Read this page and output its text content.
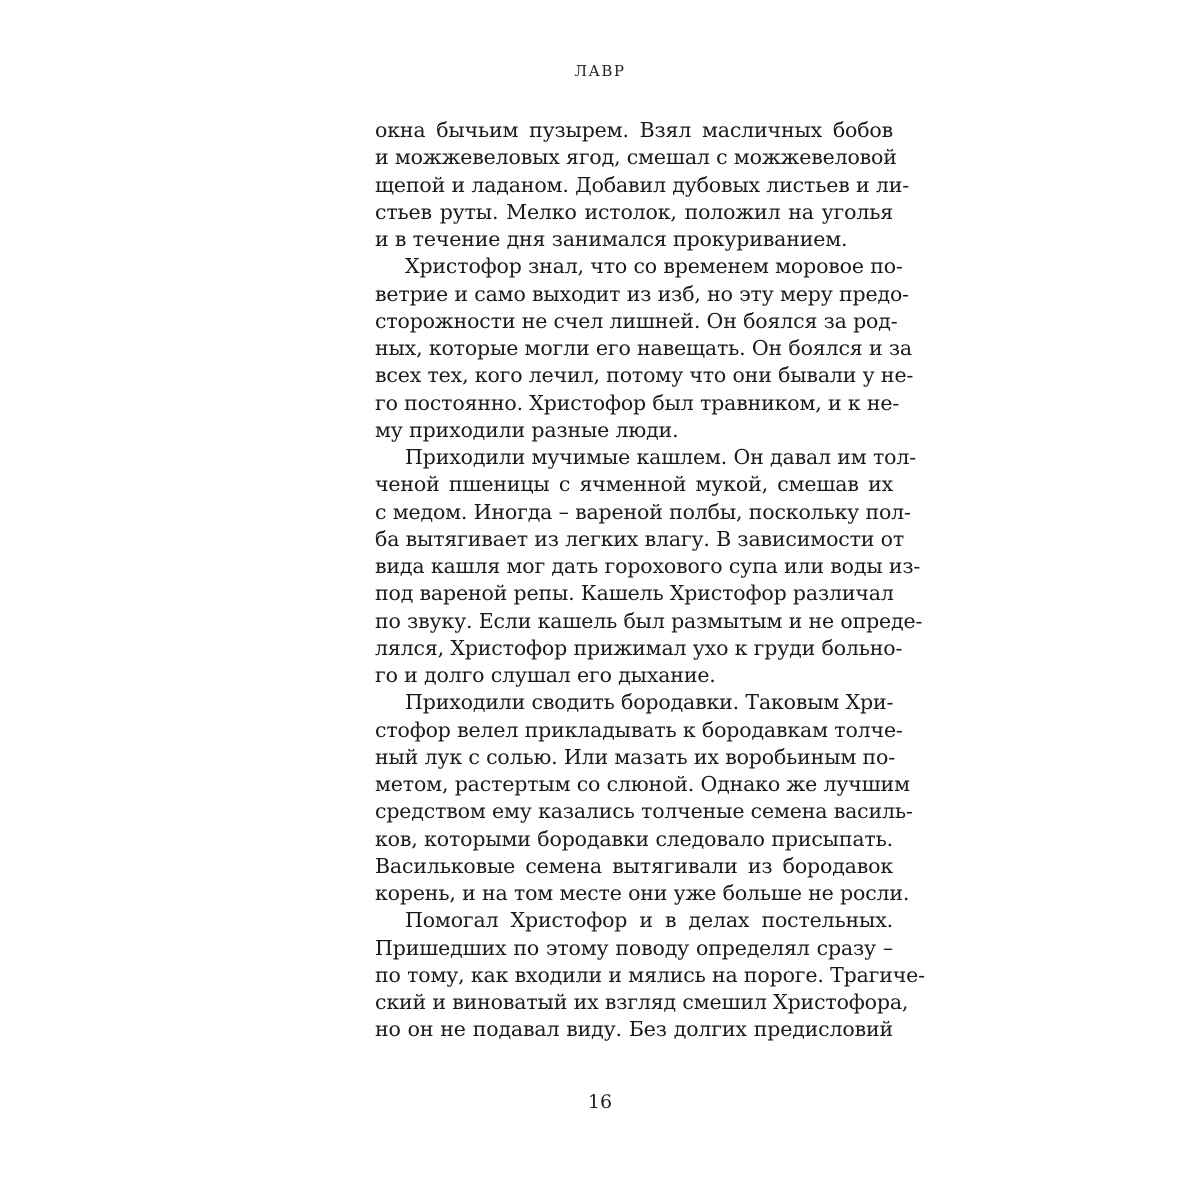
ЛАВР
окна бычьим пузырем. Взял масличных бобов
и можжевеловых ягод, смешал с можжевеловой
щепой и ладаном. Добавил дубовых листьев и ли-
стьев руты. Мелко истолок, положил на уголья
и в течение дня занимался прокуриванием.
Христофор знал, что со временем моровое по-
ветрие и само выходит из изб, но эту меру предо-
сторожности не счел лишней. Он боялся за род-
ных, которые могли его навещать. Он боялся и за
всех тех, кого лечил, потому что они бывали у не-
го постоянно. Христофор был травником, и к не-
му приходили разные люди.
Приходили мучимые кашлем. Он давал им тол-
ченой пшеницы с ячменной мукой, смешав их
с медом. Иногда – вареной полбы, поскольку пол-
ба вытягивает из легких влагу. В зависимости от
вида кашля мог дать горохового супа или воды из-
под вареной репы. Кашель Христофор различал
по звуку. Если кашель был размытым и не опреде-
лялся, Христофор прижимал ухо к груди больно-
го и долго слушал его дыхание.
Приходили сводить бородавки. Таковым Хри-
стофор велел прикладывать к бородавкам толче-
ный лук с солью. Или мазать их воробьиным по-
метом, растертым со слюной. Однако же лучшим
средством ему казались толченые семена василь-
ков, которыми бородавки следовало присыпать.
Васильковые семена вытягивали из бородавок
корень, и на том месте они уже больше не росли.
Помогал Христофор и в делах постельных.
Пришедших по этому поводу определял сразу –
по тому, как входили и мялись на пороге. Трагиче-
ский и виноватый их взгляд смешил Христофора,
но он не подавал виду. Без долгих предисловий
16
